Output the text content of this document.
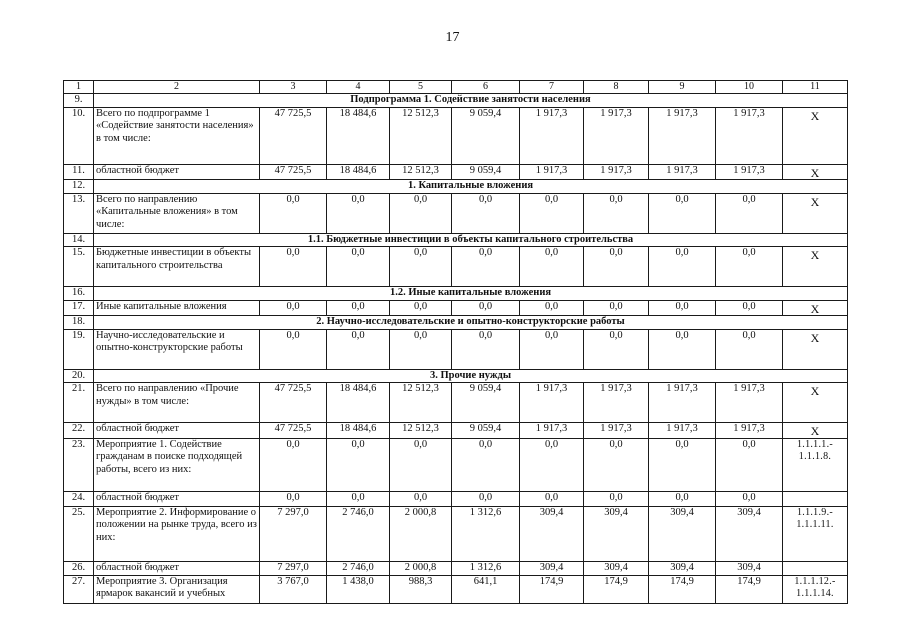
17
1	2	3	4	5	6	7	8	9	10	11
9.	Подпрограмма 1. Содействие занятости населения									
10.	Всего по подпрограмме 1 «Содействие занятости населения» в том числе:	47 725,5	18 484,6	12 512,3	9 059,4	1 917,3	1 917,3	1 917,3	1 917,3	X
11.	областной бюджет	47 725,5	18 484,6	12 512,3	9 059,4	1 917,3	1 917,3	1 917,3	1 917,3	X
12.	1. Капитальные вложения									
13.	Всего по направлению «Капитальные вложения» в том числе:	0,0	0,0	0,0	0,0	0,0	0,0	0,0	0,0	X
14.	1.1. Бюджетные инвестиции в объекты капитального строительства									
15.	Бюджетные инвестиции в объекты капитального строительства	0,0	0,0	0,0	0,0	0,0	0,0	0,0	0,0	X
16.	1.2. Иные капитальные вложения									
17.	Иные капитальные вложения	0,0	0,0	0,0	0,0	0,0	0,0	0,0	0,0	X
18.	2. Научно-исследовательские и опытно-конструкторские работы									
19.	Научно-исследовательские и опытно-конструкторские работы	0,0	0,0	0,0	0,0	0,0	0,0	0,0	0,0	X
20.	3. Прочие нужды									
21.	Всего по направлению «Прочие нужды» в том числе:	47 725,5	18 484,6	12 512,3	9 059,4	1 917,3	1 917,3	1 917,3	1 917,3	X
22.	областной бюджет	47 725,5	18 484,6	12 512,3	9 059,4	1 917,3	1 917,3	1 917,3	1 917,3	X
23.	Мероприятие 1. Содействие гражданам в поиске подходящей работы, всего из них:	0,0	0,0	0,0	0,0	0,0	0,0	0,0	0,0	1.1.1.1.-
1.1.1.8.
24.	областной бюджет	0,0	0,0	0,0	0,0	0,0	0,0	0,0	0,0	
25.	Мероприятие 2. Информирование о положении на рынке труда, всего из них:	7 297,0	2 746,0	2 000,8	1 312,6	309,4	309,4	309,4	309,4	1.1.1.9.-
1.1.1.11.
26.	областной бюджет	7 297,0	2 746,0	2 000,8	1 312,6	309,4	309,4	309,4	309,4	
27.	Мероприятие 3. Организация ярмарок вакансий и учебных	3 767,0	1 438,0	988,3	641,1	174,9	174,9	174,9	174,9	1.1.1.12.-
1.1.1.14.
